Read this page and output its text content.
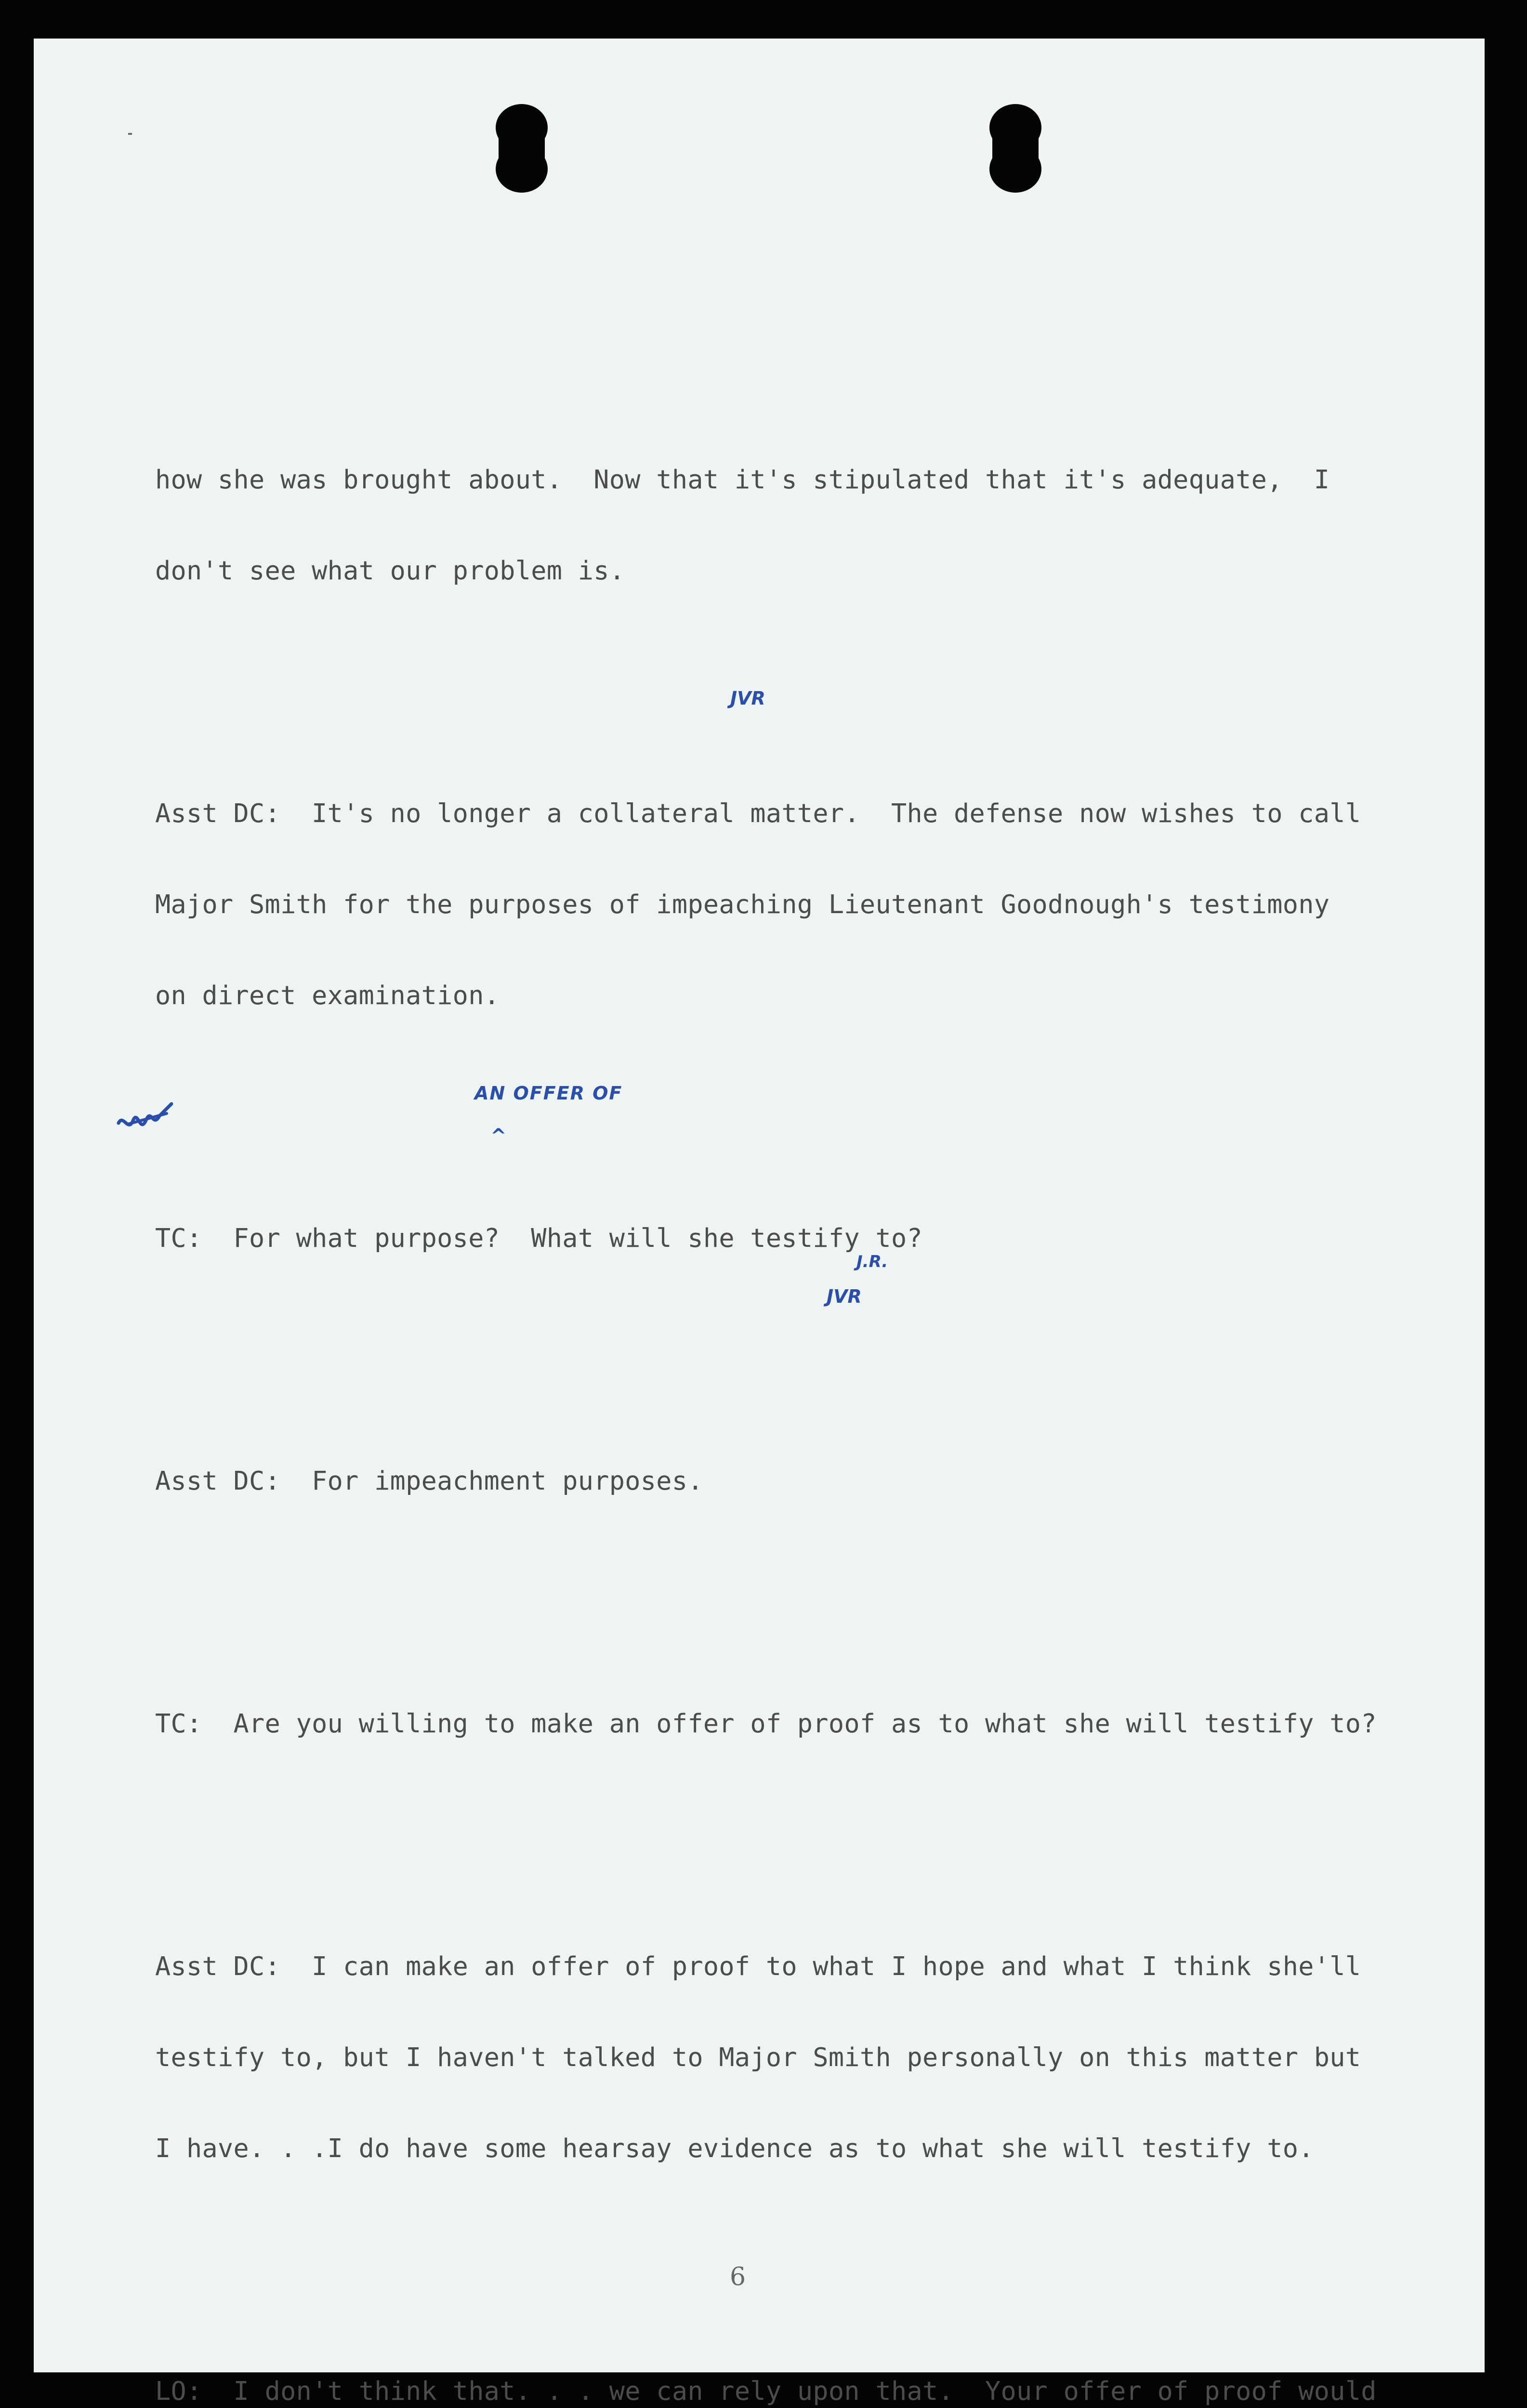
how she was brought about.  Now that it's stipulated that it's adequate,  I

don't see what our problem is.

Asst DC:  It's no longer a collateral matter.  The defense now wishes to call

Major Smith for the purposes of impeaching Lieutenant Goodnough's testimony

on direct examination.

TC:  For what purpose?  What will she testify to?

Asst DC:  For impeachment purposes.

TC:  Are you willing to make an offer of proof as to what she will testify to?

Asst DC:  I can make an offer of proof to what I hope and what I think she'll

testify to, but I haven't talked to Major Smith personally on this matter but

I have. . .I do have some hearsay evidence as to what she will testify to.

LO:  I don't think that. . . we can rely upon that.  Your offer of proof would

JVR
AN OFFER OF
^
J.R.
JVR
6
